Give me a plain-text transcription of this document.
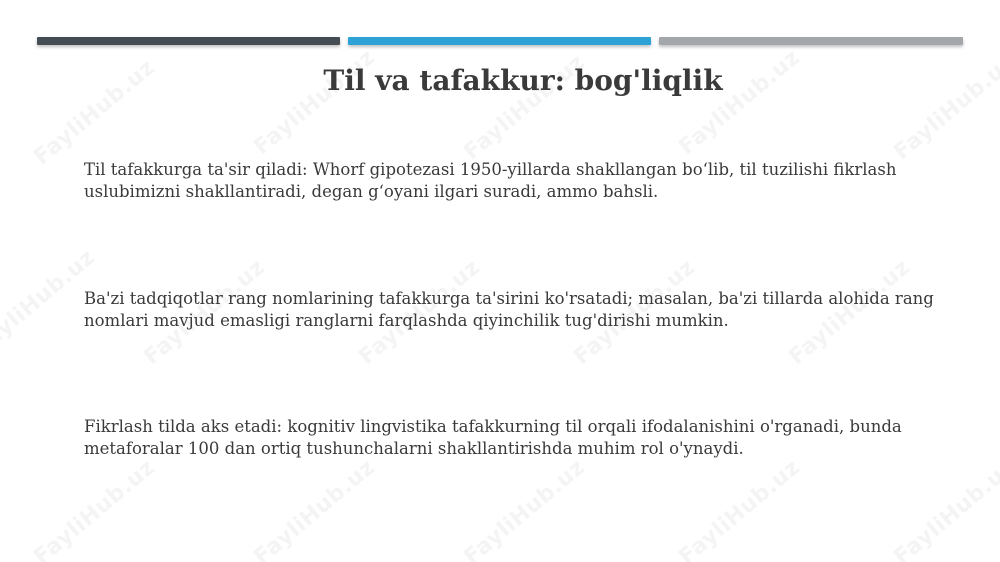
Til va tafakkur: bog'liqlik

Til tafakkurga ta'sir qiladi: Whorf gipotezasi 1950-yillarda shakllangan bo‘lib, til tuzilishi fikrlash uslubimizni shakllantiradi, degan g‘oyani ilgari suradi, ammo bahsli.

Ba'zi tadqiqotlar rang nomlarining tafakkurga ta'sirini ko'rsatadi; masalan, ba'zi tillarda alohida rang nomlari mavjud emasligi ranglarni farqlashda qiyinchilik tug'dirishi mumkin.

Fikrlash tilda aks etadi: kognitiv lingvistika tafakkurning til orqali ifodalanishini o'rganadi, bunda metaforalar 100 dan ortiq tushunchalarni shakllantirishda muhim rol o'ynaydi.
